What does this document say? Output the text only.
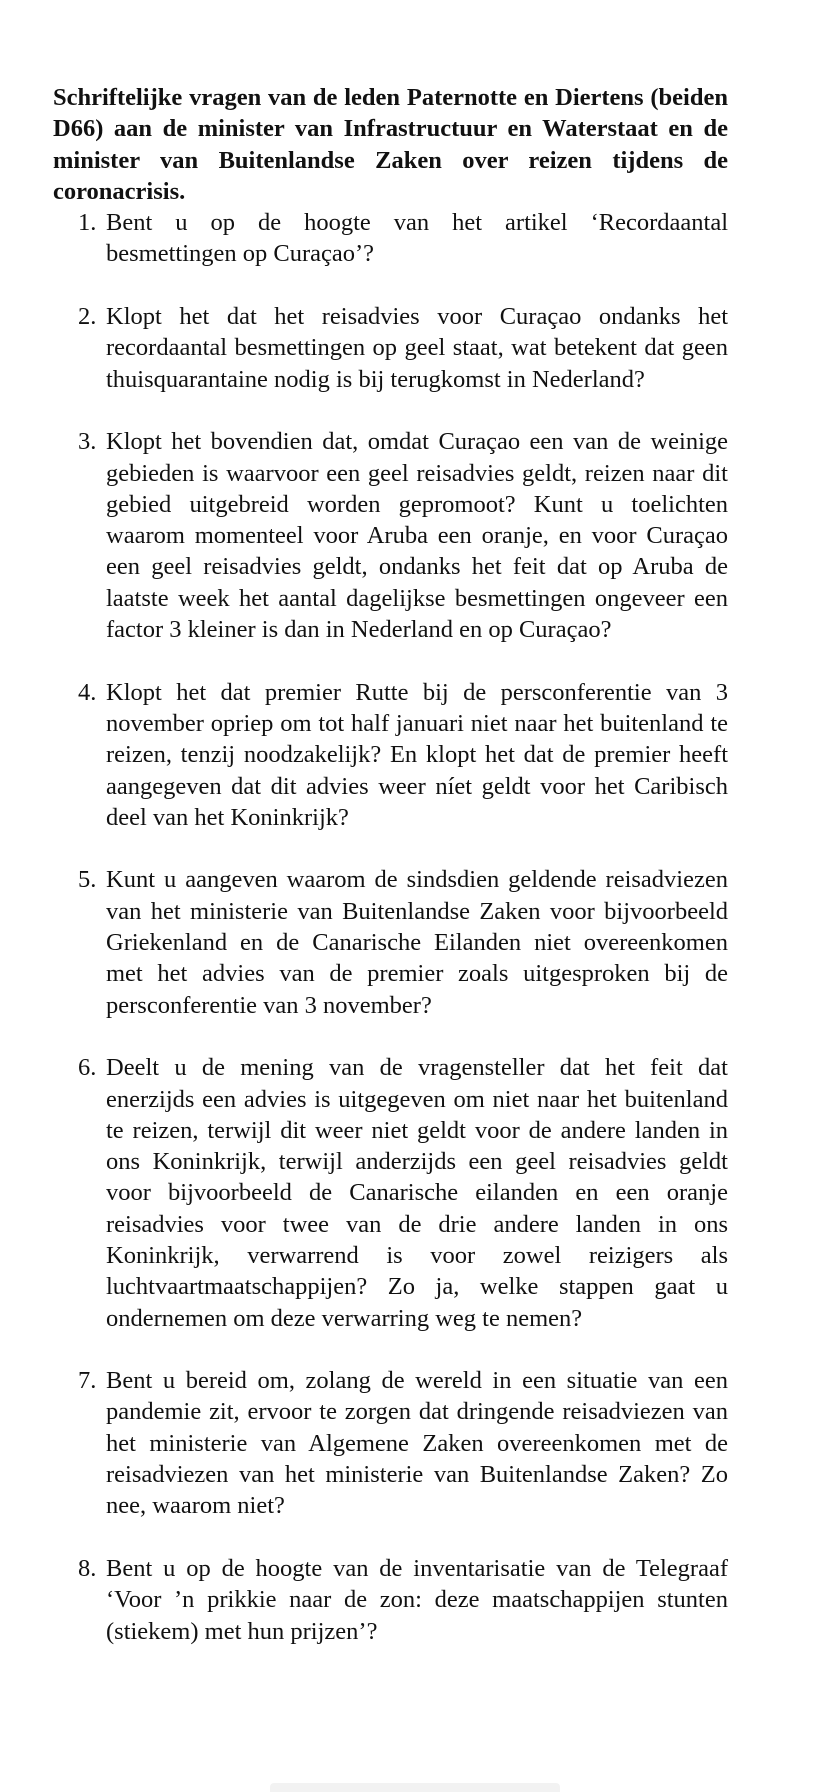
Schriftelijke vragen van de leden Paternotte en Diertens (beiden D66) aan de minister van Infrastructuur en Waterstaat en de minister van Buitenlandse Zaken over reizen tijdens de coronacrisis.

1. Bent u op de hoogte van het artikel ‘Recordaantal besmettingen op Curaçao’?
2. Klopt het dat het reisadvies voor Curaçao ondanks het recordaantal besmettingen op geel staat, wat betekent dat geen thuisquarantaine nodig is bij terugkomst in Nederland?
3. Klopt het bovendien dat, omdat Curaçao een van de weinige gebieden is waarvoor een geel reisadvies geldt, reizen naar dit gebied uitgebreid worden gepromoot? Kunt u toelichten waarom momenteel voor Aruba een oranje, en voor Curaçao een geel reisadvies geldt, ondanks het feit dat op Aruba de laatste week het aantal dagelijkse besmettingen ongeveer een factor 3 kleiner is dan in Nederland en op Curaçao?
4. Klopt het dat premier Rutte bij de persconferentie van 3 november opriep om tot half januari niet naar het buitenland te reizen, tenzij noodzakelijk? En klopt het dat de premier heeft aangegeven dat dit advies weer níet geldt voor het Caribisch deel van het Koninkrijk?
5. Kunt u aangeven waarom de sindsdien geldende reisadviezen van het ministerie van Buitenlandse Zaken voor bijvoorbeeld Griekenland en de Canarische Eilanden niet overeenkomen met het advies van de premier zoals uitgesproken bij de persconferentie van 3 november?
6. Deelt u de mening van de vragensteller dat het feit dat enerzijds een advies is uitgegeven om niet naar het buitenland te reizen, terwijl dit weer niet geldt voor de andere landen in ons Koninkrijk, terwijl anderzijds een geel reisadvies geldt voor bijvoorbeeld de Canarische eilanden en een oranje reisadvies voor twee van de drie andere landen in ons Koninkrijk, verwarrend is voor zowel reizigers als luchtvaartmaatschappijen? Zo ja, welke stappen gaat u ondernemen om deze verwarring weg te nemen?
7. Bent u bereid om, zolang de wereld in een situatie van een pandemie zit, ervoor te zorgen dat dringende reisadviezen van het ministerie van Algemene Zaken overeenkomen met de reisadviezen van het ministerie van Buitenlandse Zaken? Zo nee, waarom niet?
8. Bent u op de hoogte van de inventarisatie van de Telegraaf ‘Voor ’n prikkie naar de zon: deze maatschappijen stunten (stiekem) met hun prijzen’?
